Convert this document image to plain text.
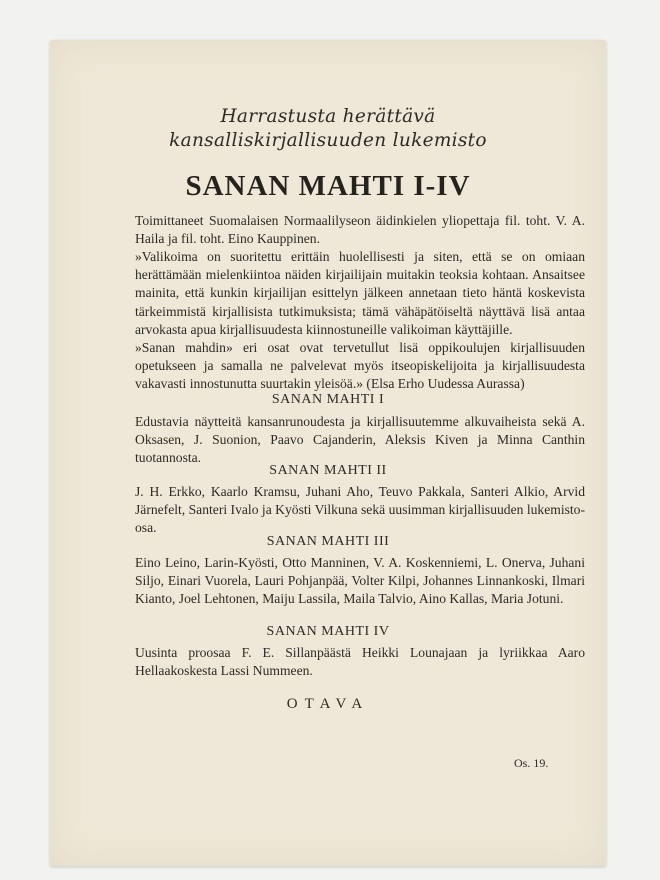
Harrastusta herättävä
kansalliskirjallisuuden lukemisto
SANAN MAHTI I-IV

Toimittaneet Suomalaisen Normaalilyseon äidinkielen yliopettaja fil. toht. V. A. Haila ja fil. toht. Eino Kauppinen.

»Valikoima on suoritettu erittäin huolellisesti ja siten, että se on omiaan herättämään mielenkiintoa näiden kirjailijain muitakin teoksia kohtaan. Ansaitsee mainita, että kunkin kirjailijan esittelyn jälkeen annetaan tieto häntä koskevista tärkeimmistä kirjallisista tutkimuksista; tämä vähäpätöiseltä näyttävä lisä antaa arvokasta apua kirjallisuudesta kiinnostuneille valikoiman käyttäjille.

»Sanan mahdin» eri osat ovat tervetullut lisä oppikoulujen kirjallisuuden opetukseen ja samalla ne palvelevat myös itseopiskelijoita ja kirjallisuudesta vakavasti innostunutta suurtakin yleisöä.» (Elsa Erho Uudessa Aurassa)

SANAN MAHTI I

Edustavia näytteitä kansanrunoudesta ja kirjallisuutemme alkuvaiheista sekä A. Oksasen, J. Suonion, Paavo Cajanderin, Aleksis Kiven ja Minna Canthin tuotannosta.

SANAN MAHTI II

J. H. Erkko, Kaarlo Kramsu, Juhani Aho, Teuvo Pakkala, Santeri Alkio, Arvid Järnefelt, Santeri Ivalo ja Kyösti Vilkuna sekä uusimman kirjallisuuden lukemisto-osa.

SANAN MAHTI III

Eino Leino, Larin-Kyösti, Otto Manninen, V. A. Koskenniemi, L. Onerva, Juhani Siljo, Einari Vuorela, Lauri Pohjanpää, Volter Kilpi, Johannes Linnankoski, Ilmari Kianto, Joel Lehtonen, Maiju Lassila, Maila Talvio, Aino Kallas, Maria Jotuni.

SANAN MAHTI IV

Uusinta proosaa F. E. Sillanpäästä Heikki Lounajaan ja lyriikkaa Aaro Hellaakoskesta Lassi Nummeen.

OTAVA
Os. 19.
